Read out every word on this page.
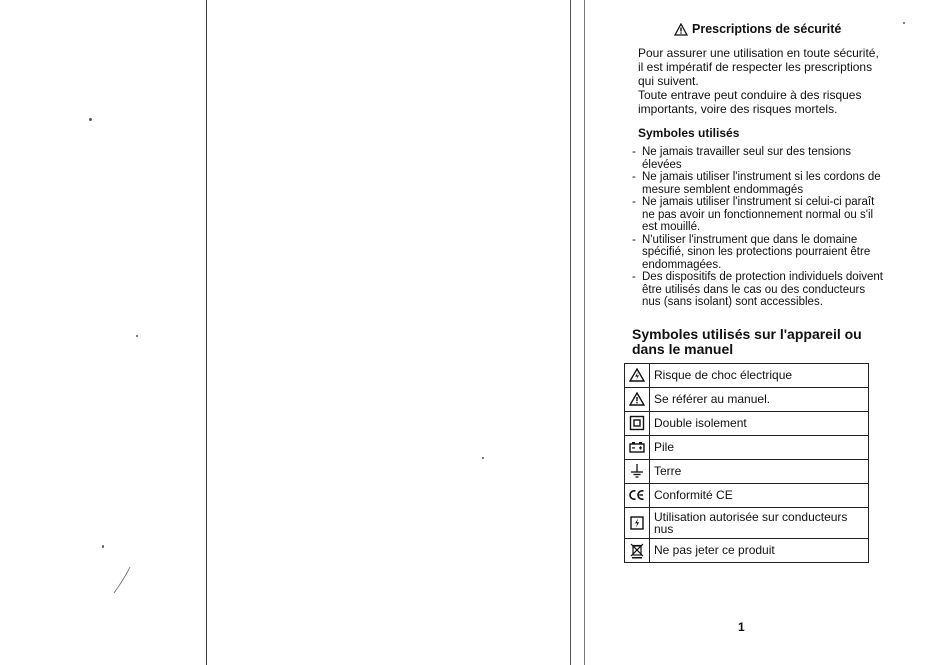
Prescriptions de sécurité

Pour assurer une utilisation en toute sécurité, il est impératif de respecter les prescriptions qui suivent.

Toute entrave peut conduire à des risques importants, voire des risques mortels.

Symboles utilisés
- Ne jamais travailler seul sur des tensions élevées
- Ne jamais utiliser l'instrument si les cordons de mesure semblent endommagés
- Ne jamais utiliser l'instrument si celui-ci paraît ne pas avoir un fonctionnement normal ou s'il est mouillé.
- N'utiliser l'instrument que dans le domaine spécifié, sinon les protections pourraient être endommagées.
- Des dispositifs de protection individuels doivent être utilisés dans le cas ou des conducteurs nus (sans isolant) sont accessibles.
Symboles utilisés sur l'appareil ou dans le manuel
	Risque de choc électrique

	Se référer au manuel.

	Double isolement

	Pile

	Terre

	Conformité CE

	Utilisation autorisée sur conducteurs nus

	Ne pas jeter ce produit
1
